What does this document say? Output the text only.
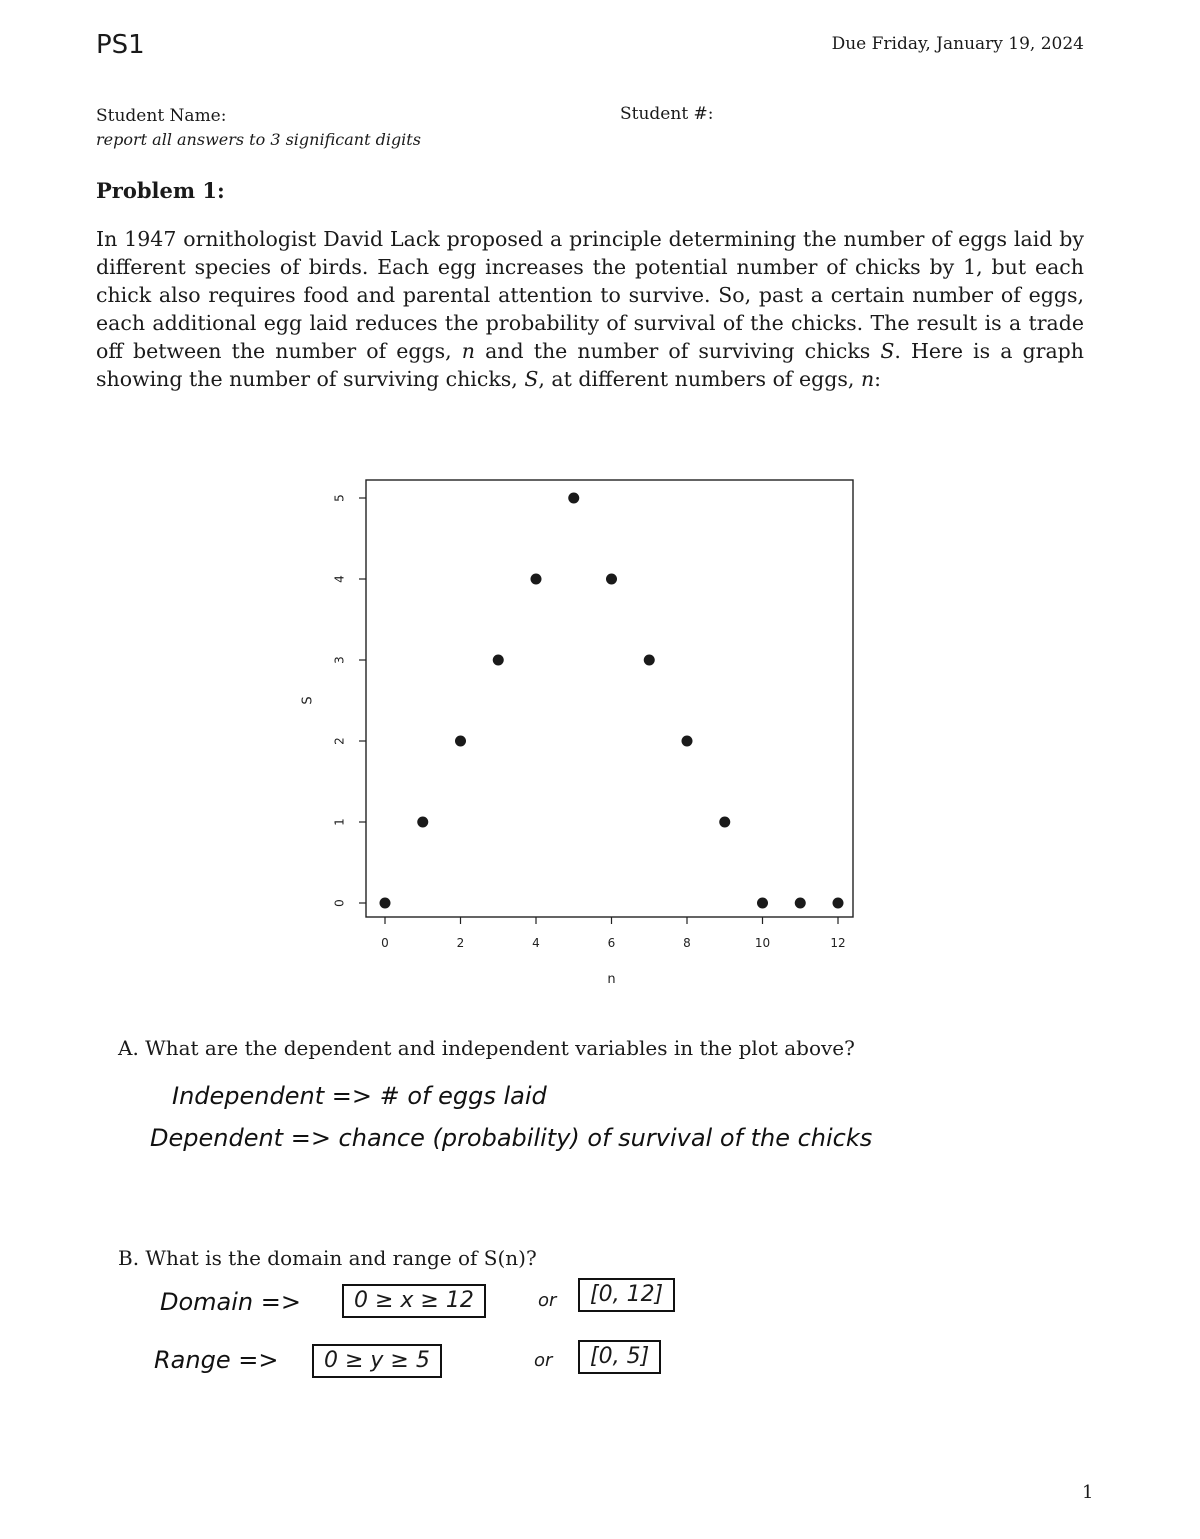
PS1	Due Friday, January 19, 2024
Student Name:
report all answers to 3 significant digits
Student #:
Problem 1:
In 1947 ornithologist David Lack proposed a principle determining the number of eggs laid by different species of birds. Each egg increases the potential number of chicks by 1, but each chick also requires food and parental attention to survive. So, past a certain number of eggs, each additional egg laid reduces the probability of survival of the chicks. The result is a trade off between the number of eggs, n and the number of surviving chicks S. Here is a graph showing the number of surviving chicks, S, at different numbers of eggs, n:
0	2	4	6	8	10	12
0
1
2
3
4
5
n
S
A. What are the dependent and independent variables in the plot above?
Independent => # of eggs laid
Dependent => chance (probability) of survival of the chicks
B. What is the domain and range of S(n)?
Domain =>	0 ≥ x ≥ 12	or	[0, 12]
Range =>	0 ≥ y ≥ 5	or	[0, 5]
1
